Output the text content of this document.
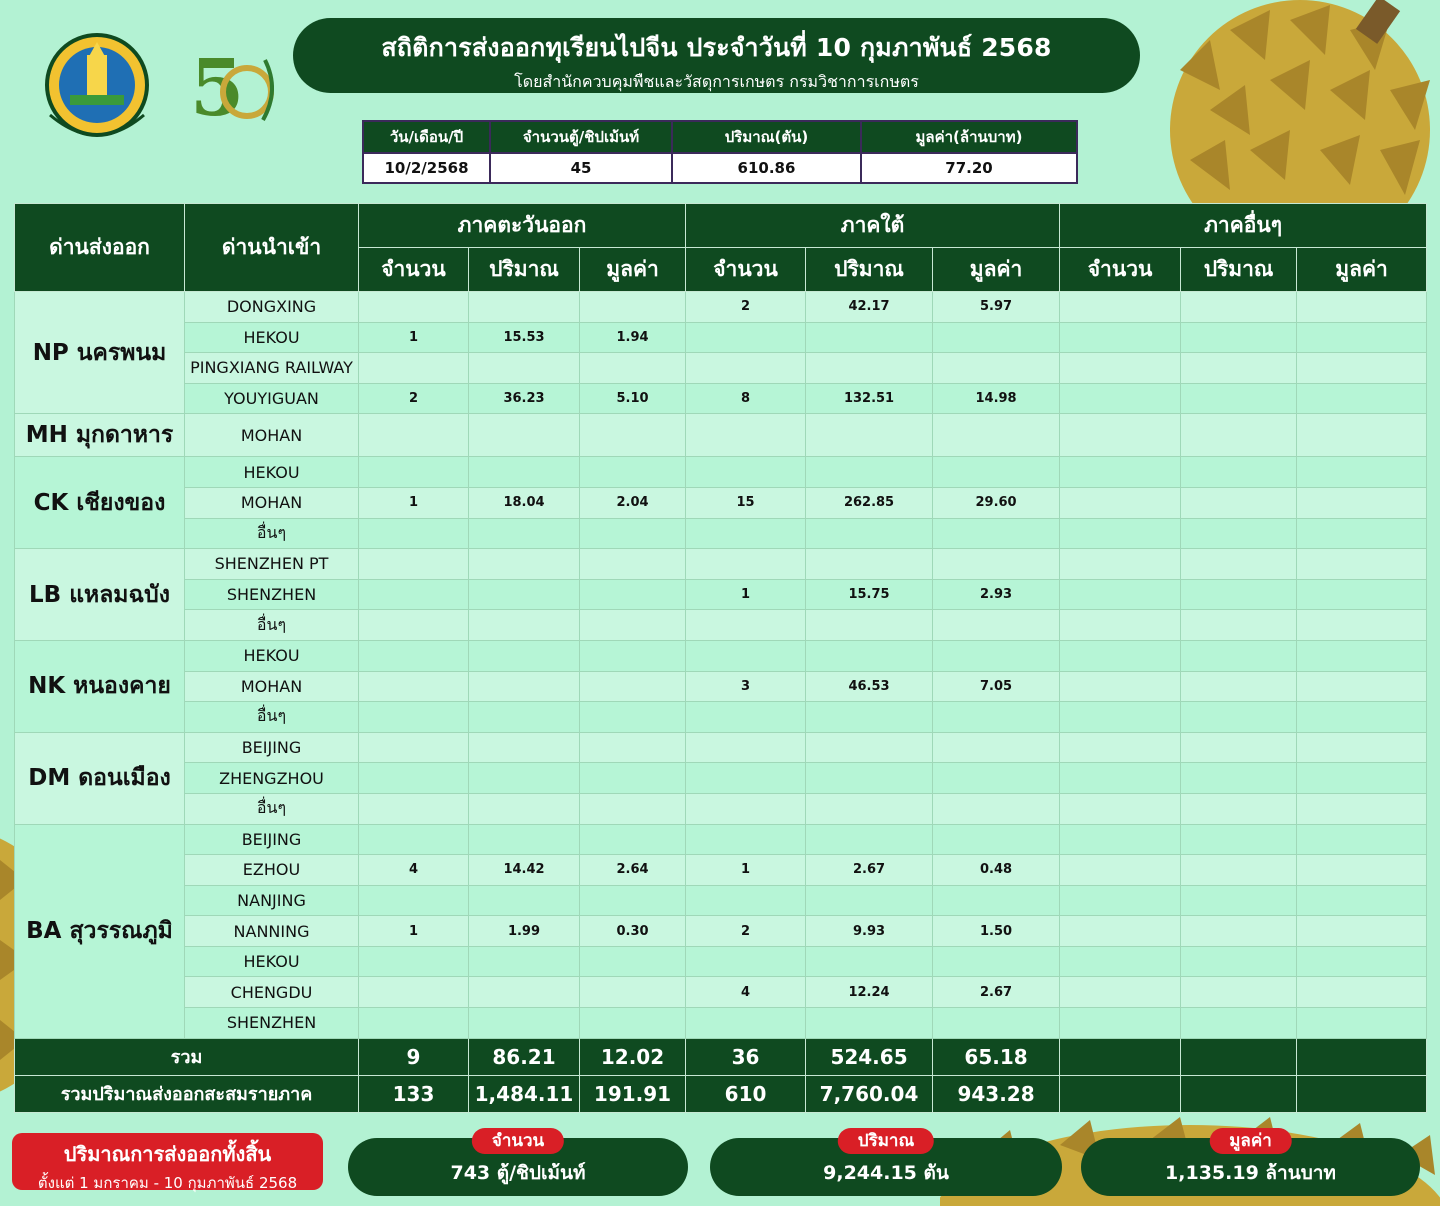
5	สถิติการส่งออกทุเรียนไปจีน ประจำวันที่ 10 กุมภาพันธ์ 2568
โดยสำนักควบคุมพืชและวัสดุการเกษตร กรมวิชาการเกษตร
วัน/เดือน/ปี	จำนวนตู้/ชิปเม้นท์	ปริมาณ(ตัน)	มูลค่า(ล้านบาท)
10/2/2568	45	610.86	77.20
ด่านส่งออก	ด่านนำเข้า	ภาคตะวันออก			ภาคใต้			ภาคอื่นๆ		
		จำนวน	ปริมาณ	มูลค่า	จำนวน	ปริมาณ	มูลค่า	จำนวน	ปริมาณ	มูลค่า
NP นครพนม	DONGXING				2	42.17	5.97			
	HEKOU	1	15.53	1.94						
	PINGXIANG RAILWAY									
	YOUYIGUAN	2	36.23	5.10	8	132.51	14.98			
MH มุกดาหาร	MOHAN									
CK เชียงของ	HEKOU									
	MOHAN	1	18.04	2.04	15	262.85	29.60			
	อื่นๆ									
LB แหลมฉบัง	SHENZHEN PT									
	SHENZHEN				1	15.75	2.93			
	อื่นๆ									
NK หนองคาย	HEKOU									
	MOHAN				3	46.53	7.05			
	อื่นๆ									
DM ดอนเมือง	BEIJING									
	ZHENGZHOU									
	อื่นๆ									
BA สุวรรณภูมิ	BEIJING									
	EZHOU	4	14.42	2.64	1	2.67	0.48			
	NANJING									
	NANNING	1	1.99	0.30	2	9.93	1.50			
	HEKOU									
	CHENGDU				4	12.24	2.67			
	SHENZHEN									
รวม		9	86.21	12.02	36	524.65	65.18			
รวมปริมาณส่งออกสะสมรายภาค		133	1,484.11	191.91	610	7,760.04	943.28			
ปริมาณการส่งออกทั้งสิ้น
ตั้งแต่ 1 มกราคม - 10 กุมภาพันธ์ 2568
จำนวน
743 ตู้/ชิปเม้นท์
ปริมาณ
9,244.15 ตัน
มูลค่า
1,135.19 ล้านบาท
